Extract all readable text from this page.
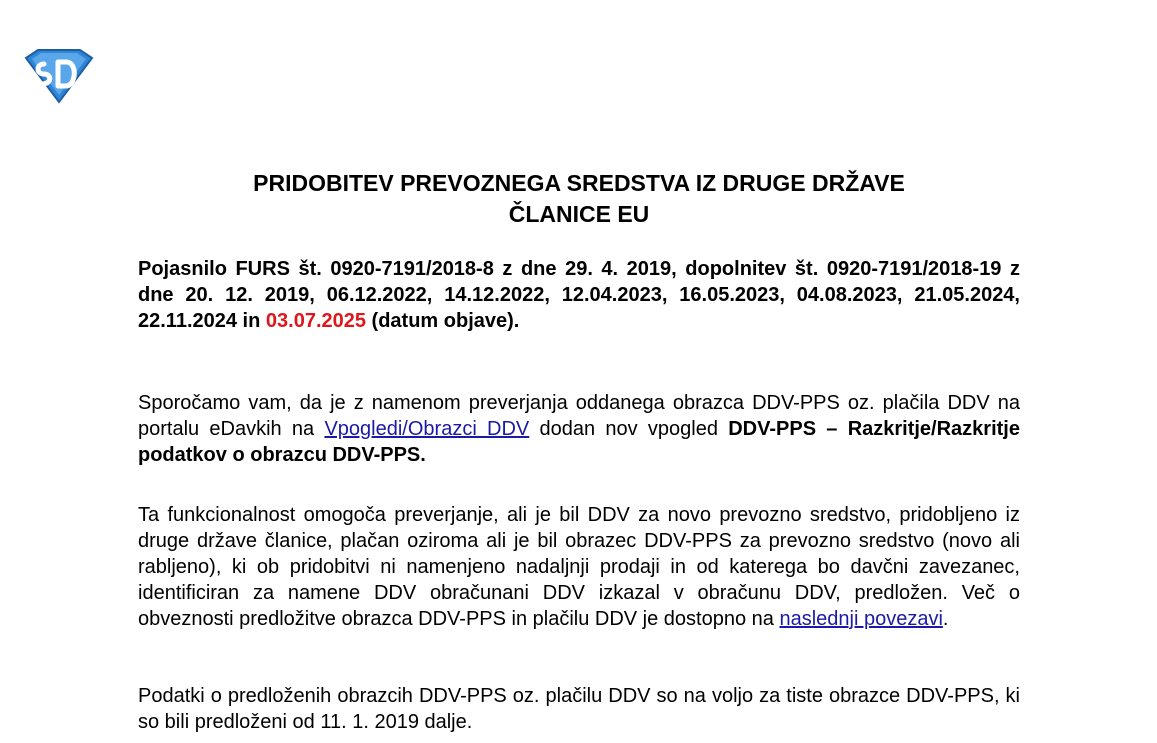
PRIDOBITEV PREVOZNEGA SREDSTVA IZ DRUGE DRŽAVE
ČLANICE EU
Pojasnilo FURS št. 0920-7191/2018-8 z dne 29. 4. 2019, dopolnitev št. 0920-7191/2018-19 z dne 20. 12. 2019, 06.12.2022, 14.12.2022, 12.04.2023, 16.05.2023, 04.08.2023, 21.05.2024, 22.11.2024 in 03.07.2025 (datum objave).
Sporočamo vam, da je z namenom preverjanja oddanega obrazca DDV-PPS oz. plačila DDV na portalu eDavkih na Vpogledi/Obrazci DDV dodan nov vpogled DDV-PPS – Razkritje/Razkritje podatkov o obrazcu DDV-PPS.
Ta funkcionalnost omogoča preverjanje, ali je bil DDV za novo prevozno sredstvo, pridobljeno iz druge države članice, plačan oziroma ali je bil obrazec DDV-PPS za prevozno sredstvo (novo ali rabljeno), ki ob pridobitvi ni namenjeno nadaljnji prodaji in od katerega bo davčni zavezanec, identificiran za namene DDV obračunani DDV izkazal v obračunu DDV, predložen. Več o obveznosti predložitve obrazca DDV-PPS in plačilu DDV je dostopno na naslednji povezavi.
Podatki o predloženih obrazcih DDV-PPS oz. plačilu DDV so na voljo za tiste obrazce DDV-PPS, ki so bili predloženi od 11. 1. 2019 dalje.
